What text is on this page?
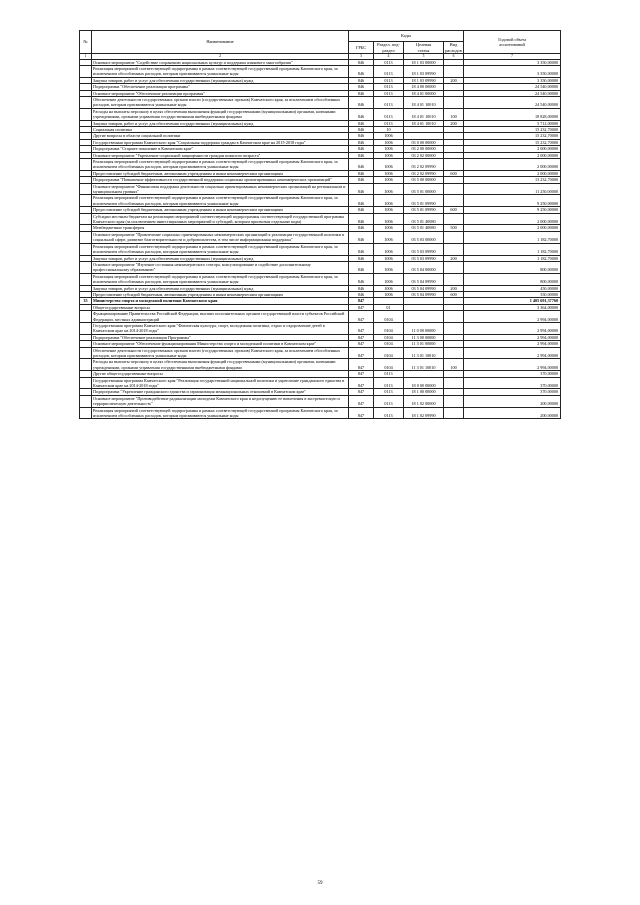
№	Наименование	Коды				Годовой объем
ассигнований
		ГРБС	Раздел, под-
раздел	Целевая
статья	Вид
расходов	
1	2	3	4	5	6	7
	Основное мероприятие "Содействие сохранению национальных культур и поддержка языкового многообразия"	846	0113	18 1 03 00000		3 350,00000
	Реализация мероприятий соответствующей подпрограммы в рамках соответствующей государственной программы Камчатского края, за исключением обособленных расходов, которым присваиваются уникальные коды	846	0113	18 1 03 09990		3 350,00000
	Закупка товаров, работ и услуг для обеспечения государственных (муниципальных) нужд	846	0113	18 1 03 09990	200	3 350,00000
	Подпрограмма "Обеспечение реализации программы"	846	0113	18 4 00 00000		24 540,00000
	Основное мероприятие "Обеспечение реализации программы"	846	0113	18 4 01 00000		24 540,00000
	Обеспечение деятельности государственных органов власти (государственных органов) Камчатского края, за исключением обособленных расходов, которым присваиваются уникальные коды	846	0113	18 4 01 10010		24 540,00000
	Расходы на выплаты персоналу в целях обеспечения выполнения функций государственными (муниципальными) органами, казенными учреждениями, органами управления государственными внебюджетными фондами	846	0113	18 4 01 10010	100	18 828,00000
	Закупка товаров, работ и услуг для обеспечения государственных (муниципальных) нужд	846	0113	18 4 01 10010	200	5 712,00000
	Социальная политика	846	10			15 232,70000
	Другие вопросы в области социальной политики	846	1006			15 232,70000
	Государственная программа Камчатского края "Социальная поддержка граждан в Камчатском крае на 2015-2018 годы"	846	1006	03 0 00 00000		15 232,70000
	Подпрограмма "Старшее поколение в Камчатском крае"	846	1006	03 2 00 00000		2 000,00000
	Основное мероприятие "Укрепление социальной защищенности граждан пожилого возраста"	846	1006	03 2 02 00000		2 000,00000
	Реализация мероприятий соответствующей подпрограммы в рамках соответствующей государственной программы Камчатского края, за исключением обособленных расходов, которым присваиваются уникальные коды	846	1006	03 2 02 09990		2 000,00000
	Предоставление субсидий бюджетным, автономным учреждениям и иным некоммерческим организациям	846	1006	03 2 02 09990	600	2 000,00000
	Подпрограмма "Повышение эффективности государственной поддержки социально ориентированных некоммерческих организаций"	846	1006	03 5 00 00000		13 232,70000
	Основное мероприятие "Финансовая поддержка деятельности социально ориентированных некоммерческих организаций на региональном и муниципальном уровнях"	846	1006	03 5 01 00000		11 250,00000
	Реализация мероприятий соответствующей подпрограммы в рамках соответствующей государственной программы Камчатского края, за исключением обособленных расходов, которым присваиваются уникальные коды	846	1006	03 5 01 09990		9 250,00000
	Предоставление субсидий бюджетным, автономным учреждениям и иным некоммерческим организациям	846	1006	03 5 01 09990	600	9 250,00000
	Субсидии местным бюджетам на реализацию мероприятий соответствующей подпрограммы соответствующей государственной программы Камчатского края (за исключением инвестиционных мероприятий и субсидий, которым присвоены отдельные коды)	846	1006	03 5 01 40080		2 000,00000
	Межбюджетные трансферты	846	1006	03 5 01 40080	500	2 000,00000
	Основное мероприятие "Привлечение социально ориентированных некоммерческих организаций к реализации государственной политики в социальной сфере, развитие благотворительности и добровольчества, в том числе информационная поддержка"	846	1006	03 5 03 00000		1 182,70000
	Реализация мероприятий соответствующей подпрограммы в рамках соответствующей государственной программы Камчатского края, за исключением обособленных расходов, которым присваиваются уникальные коды	846	1006	03 5 03 09990		1 182,70000
	Закупка товаров, работ и услуг для обеспечения государственных (муниципальных) нужд	846	1006	03 5 03 09990	200	1 182,70000
	Основное мероприятие "Изучение состояния некоммерческого сектора, консультирование и содействие дополнительному профессиональному образованию"	846	1006	03 5 04 00000		800,00000
	Реализация мероприятий соответствующей подпрограммы в рамках соответствующей государственной программы Камчатского края, за исключением обособленных расходов, которым присваиваются уникальные коды	846	1006	03 5 04 09990		800,00000
	Закупка товаров, работ и услуг для обеспечения государственных (муниципальных) нужд	846	1006	03 5 04 09990	200	450,00000
	Предоставление субсидий бюджетным, автономным учреждениям и иным некоммерческим организациям	846	1006	03 5 04 09990	600	350,00000
35	Министерство спорта и молодежной политики Камчатского края	847				1 405 691,37760
	Общегосударственные вопросы	847	01			3 364,00000
	Функционирование Правительства Российской Федерации, высших исполнительных органов государственной власти субъектов Российской Федерации, местных администраций	847	0104			2 994,00000
	Государственная программа Камчатского края "Физическая культура, спорт, молодежная политика, отдых и оздоровление детей в Камчатском крае на 2014-2018 годы"	847	0104	11 0 00 00000		2 994,00000
	Подпрограмма "Обеспечение реализации Программы"	847	0104	11 3 00 00000		2 994,00000
	Основное мероприятие "Обеспечение функционирования Министерства спорта и молодежной политики в Камчатском крае"	847	0104	11 3 01 00000		2 994,00000
	Обеспечение деятельности государственных органов власти (государственных органов) Камчатского края, за исключением обособленных расходов, которым присваиваются уникальные коды	847	0104	11 3 01 10010		2 994,00000
	Расходы на выплаты персоналу в целях обеспечения выполнения функций государственными (муниципальными) органами, казенными учреждениями, органами управления государственными внебюджетными фондами	847	0104	11 3 01 10010	100	2 994,00000
	Другие общегосударственные вопросы	847	0113			370,00000
	Государственная программа Камчатского края "Реализация государственной национальной политики и укрепление гражданского единства в Камчатском крае на 2014-2018 годы"	847	0113	18 0 00 00000		370,00000
	Подпрограмма "Укрепление гражданского единства и гармонизация межнациональных отношений в Камчатском крае"	847	0113	18 1 00 00000		370,00000
	Основное мероприятие "Противодействие радикализации молодежи Камчатского края и недопущению ее вовлечения в экстремистскую и террористическую деятельность"	847	0113	18 1 02 00000		200,00000
	Реализация мероприятий соответствующей подпрограммы в рамках соответствующей государственной программы Камчатского края, за исключением обособленных расходов, которым присваиваются уникальные коды	847	0113	18 1 02 09990		200,00000
59
